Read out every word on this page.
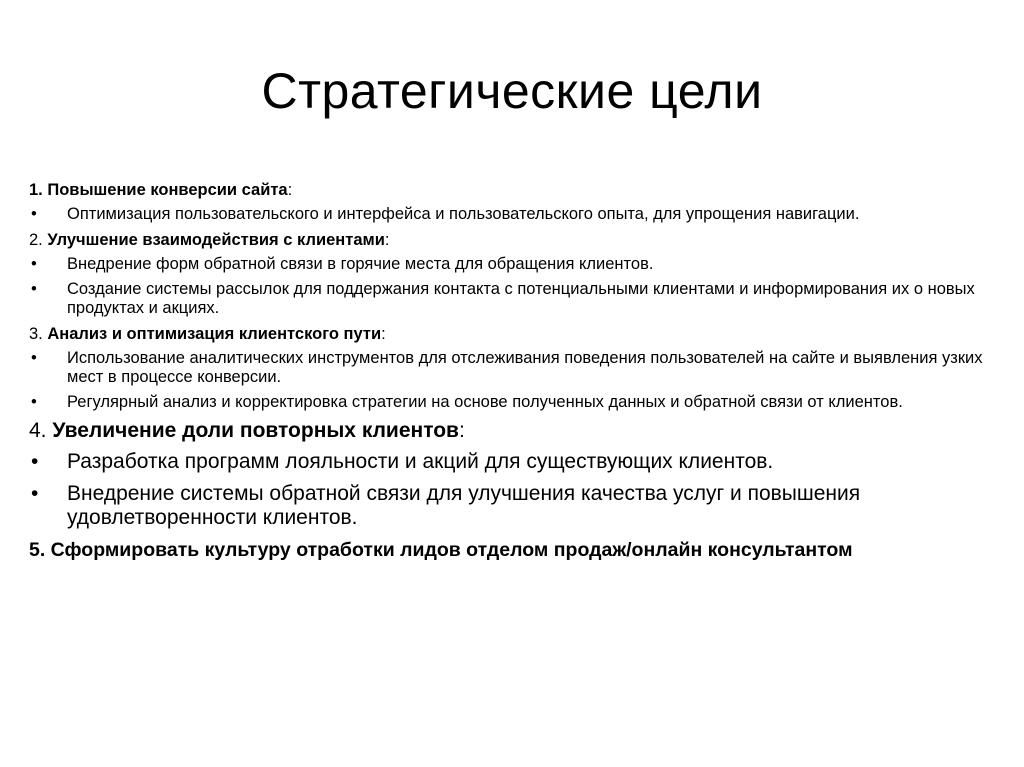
Стратегические цели
1. Повышение конверсии сайта:
• Оптимизация пользовательского и интерфейса и пользовательского опыта, для упрощения навигации.
2. Улучшение взаимодействия с клиентами:
• Внедрение форм обратной связи в горячие места для обращения клиентов.
• Создание системы рассылок для поддержания контакта с потенциальными клиентами и информирования их о новых продуктах и акциях.
3. Анализ и оптимизация клиентского пути:
• Использование аналитических инструментов для отслеживания поведения пользователей на сайте и выявления узких мест в процессе конверсии.
• Регулярный анализ и корректировка стратегии на основе полученных данных и обратной связи от клиентов.
4. Увеличение доли повторных клиентов:
• Разработка программ лояльности и акций для существующих клиентов.
• Внедрение системы обратной связи для улучшения качества услуг и повышения удовлетворенности клиентов.
5. Сформировать культуру отработки лидов отделом продаж/онлайн консультантом
